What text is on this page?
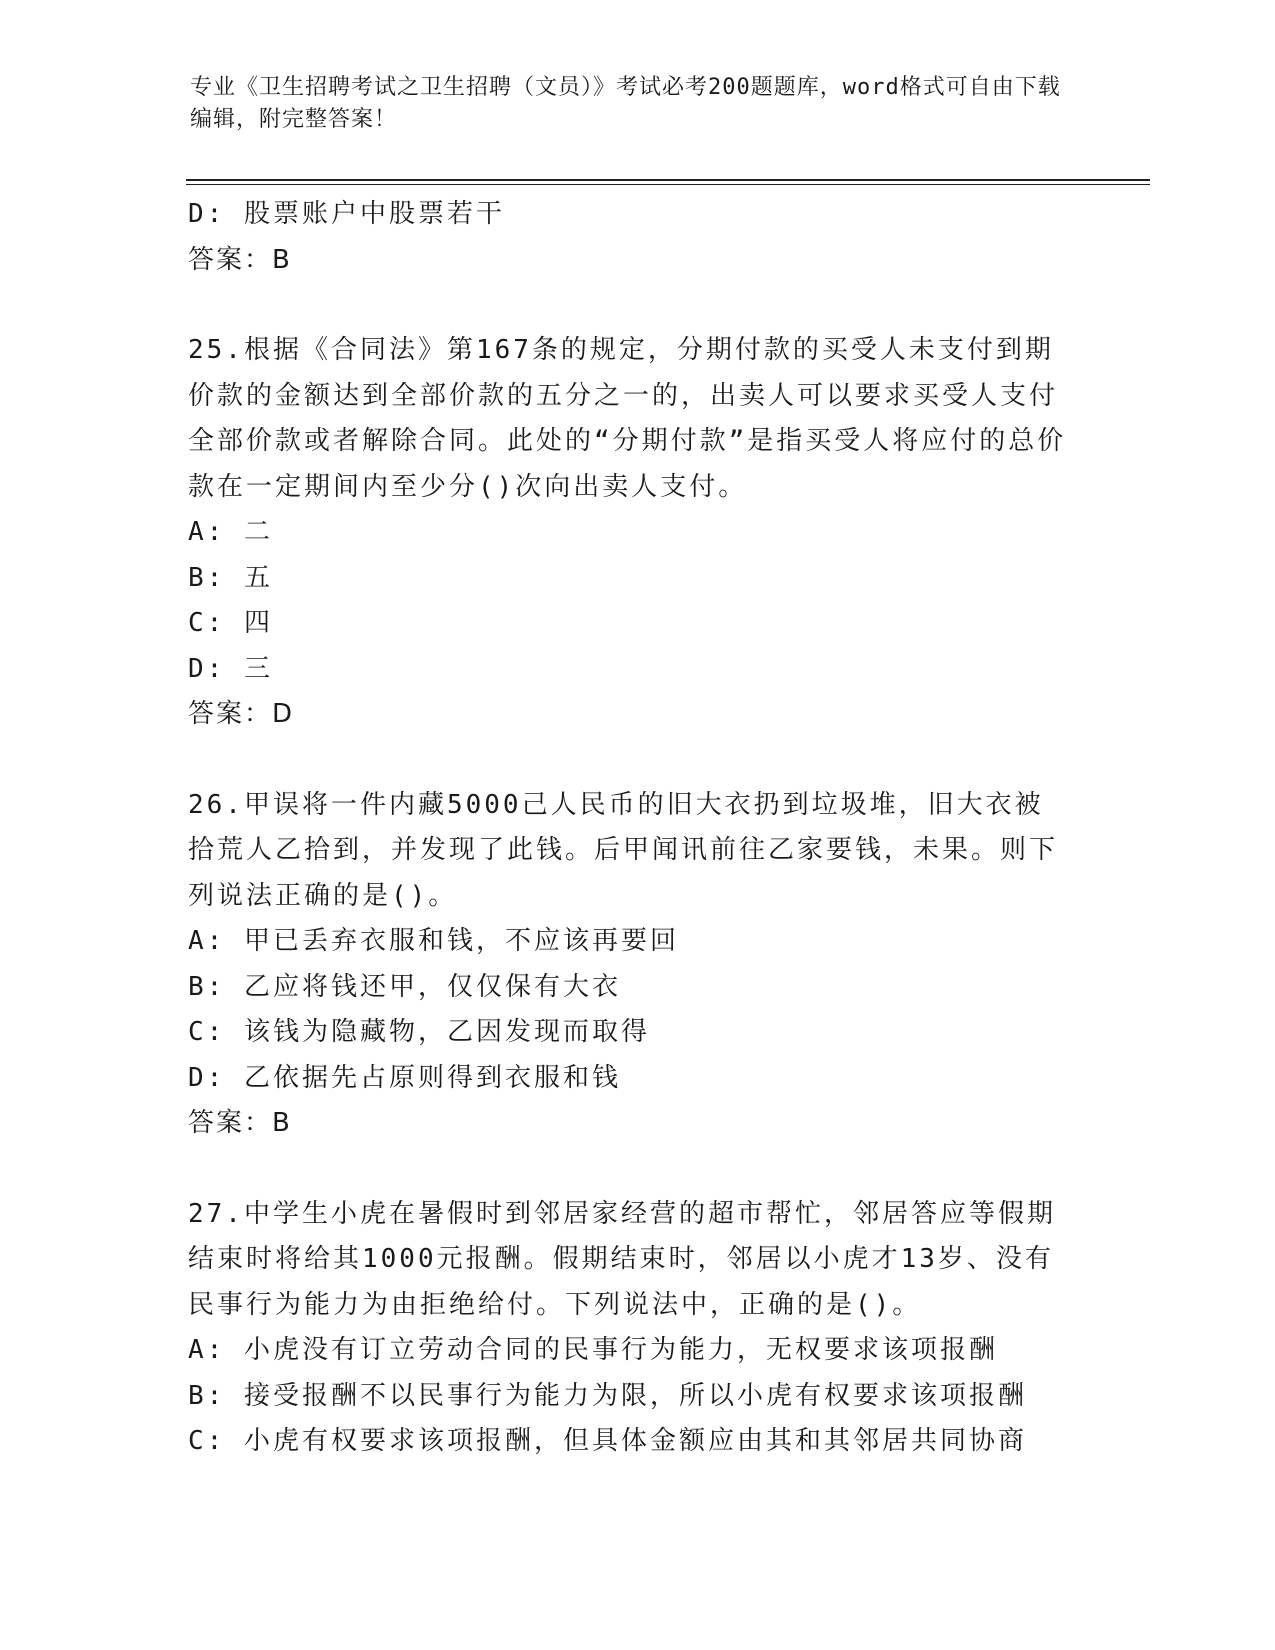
专业《卫生招聘考试之卫生招聘（文员）》考试必考200题题库，word格式可自由下载编辑，附完整答案！
D: 股票账户中股票若干
答案：B
25.根据《合同法》第167条的规定，分期付款的买受人未支付到期价款的金额达到全部价款的五分之一的，出卖人可以要求买受人支付全部价款或者解除合同。此处的“分期付款”是指买受人将应付的总价款在一定期间内至少分()次向出卖人支付。
A: 二
B: 五
C: 四
D: 三
答案：D
26.甲误将一件内藏5000己人民币的旧大衣扔到垃圾堆，旧大衣被拾荒人乙拾到，并发现了此钱。后甲闻讯前往乙家要钱，未果。则下列说法正确的是()。
A: 甲已丢弃衣服和钱，不应该再要回
B: 乙应将钱还甲，仅仅保有大衣
C: 该钱为隐藏物，乙因发现而取得
D: 乙依据先占原则得到衣服和钱
答案：B
27.中学生小虎在暑假时到邻居家经营的超市帮忙，邻居答应等假期结束时将给其1000元报酬。假期结束时，邻居以小虎才13岁、没有民事行为能力为由拒绝给付。下列说法中，正确的是()。
A: 小虎没有订立劳动合同的民事行为能力，无权要求该项报酬
B: 接受报酬不以民事行为能力为限，所以小虎有权要求该项报酬
C: 小虎有权要求该项报酬，但具体金额应由其和其邻居共同协商
